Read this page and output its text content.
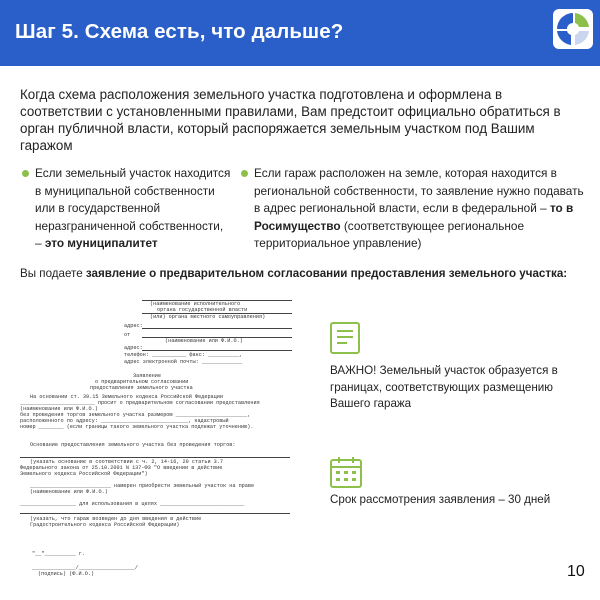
Шаг 5. Схема есть, что дальше?
Когда схема расположения земельного участка подготовлена и оформлена в соответствии с установленными правилами, Вам предстоит официально обратиться в орган публичной власти, который распоряжается земельным участком под Вашим гаражом
Если земельный участок находится в муниципальной собственности или в государственной неразграниченной собственности, – это муниципалитет
Если гараж расположен на земле, которая находится в региональной собственности, то заявление нужно подавать в адрес региональной власти, если в федеральной – то в Росимущество (соответствующее региональное территориальное управление)
Вы подаете заявление о предварительном согласовании предоставления земельного участка:
(наименование исполнительного
органа государственной власти
(или) органа местного самоуправления)
адрес:
от
(наименование или Ф.И.О.)
адрес:
телефон: ___________ факс: __________,
адрес электронной почты: _____________
Заявление
о предварительном согласовании
предоставления земельного участка
На основании ст. 39.15 Земельного кодекса Российской Федерации
________________________ просит о предварительном согласовании предоставления
(наименование или Ф.И.О.)
без проведения торгов земельного участка размером _______________________,
расположенного по адресу: ____________________________, кадастровый
номер ________ (если границы такого земельного участка подлежат уточнению).
Основание предоставления земельного участка без проведения торгов:
(указать основание в соответствии с ч. 2, 14-16, 20 статьи 3.7
Федерального закона от 25.10.2001 N 137-ФЗ "О введении в действие
Земельного кодекса Российской Федерации")
__________________________ намерен приобрести земельный участок на праве
(наименование или Ф.И.О.)
__________________ для использования в целях ___________________________
(указать, что гараж возведен до дня введения в действие
Градостроительного кодекса Российской Федерации)
"__"__________ г.
______________/__________________/
(подпись) (Ф.И.О.)
ВАЖНО! Земельный участок образуется в границах, соответствующих размещению Вашего гаража
Срок рассмотрения заявления – 30 дней
10
